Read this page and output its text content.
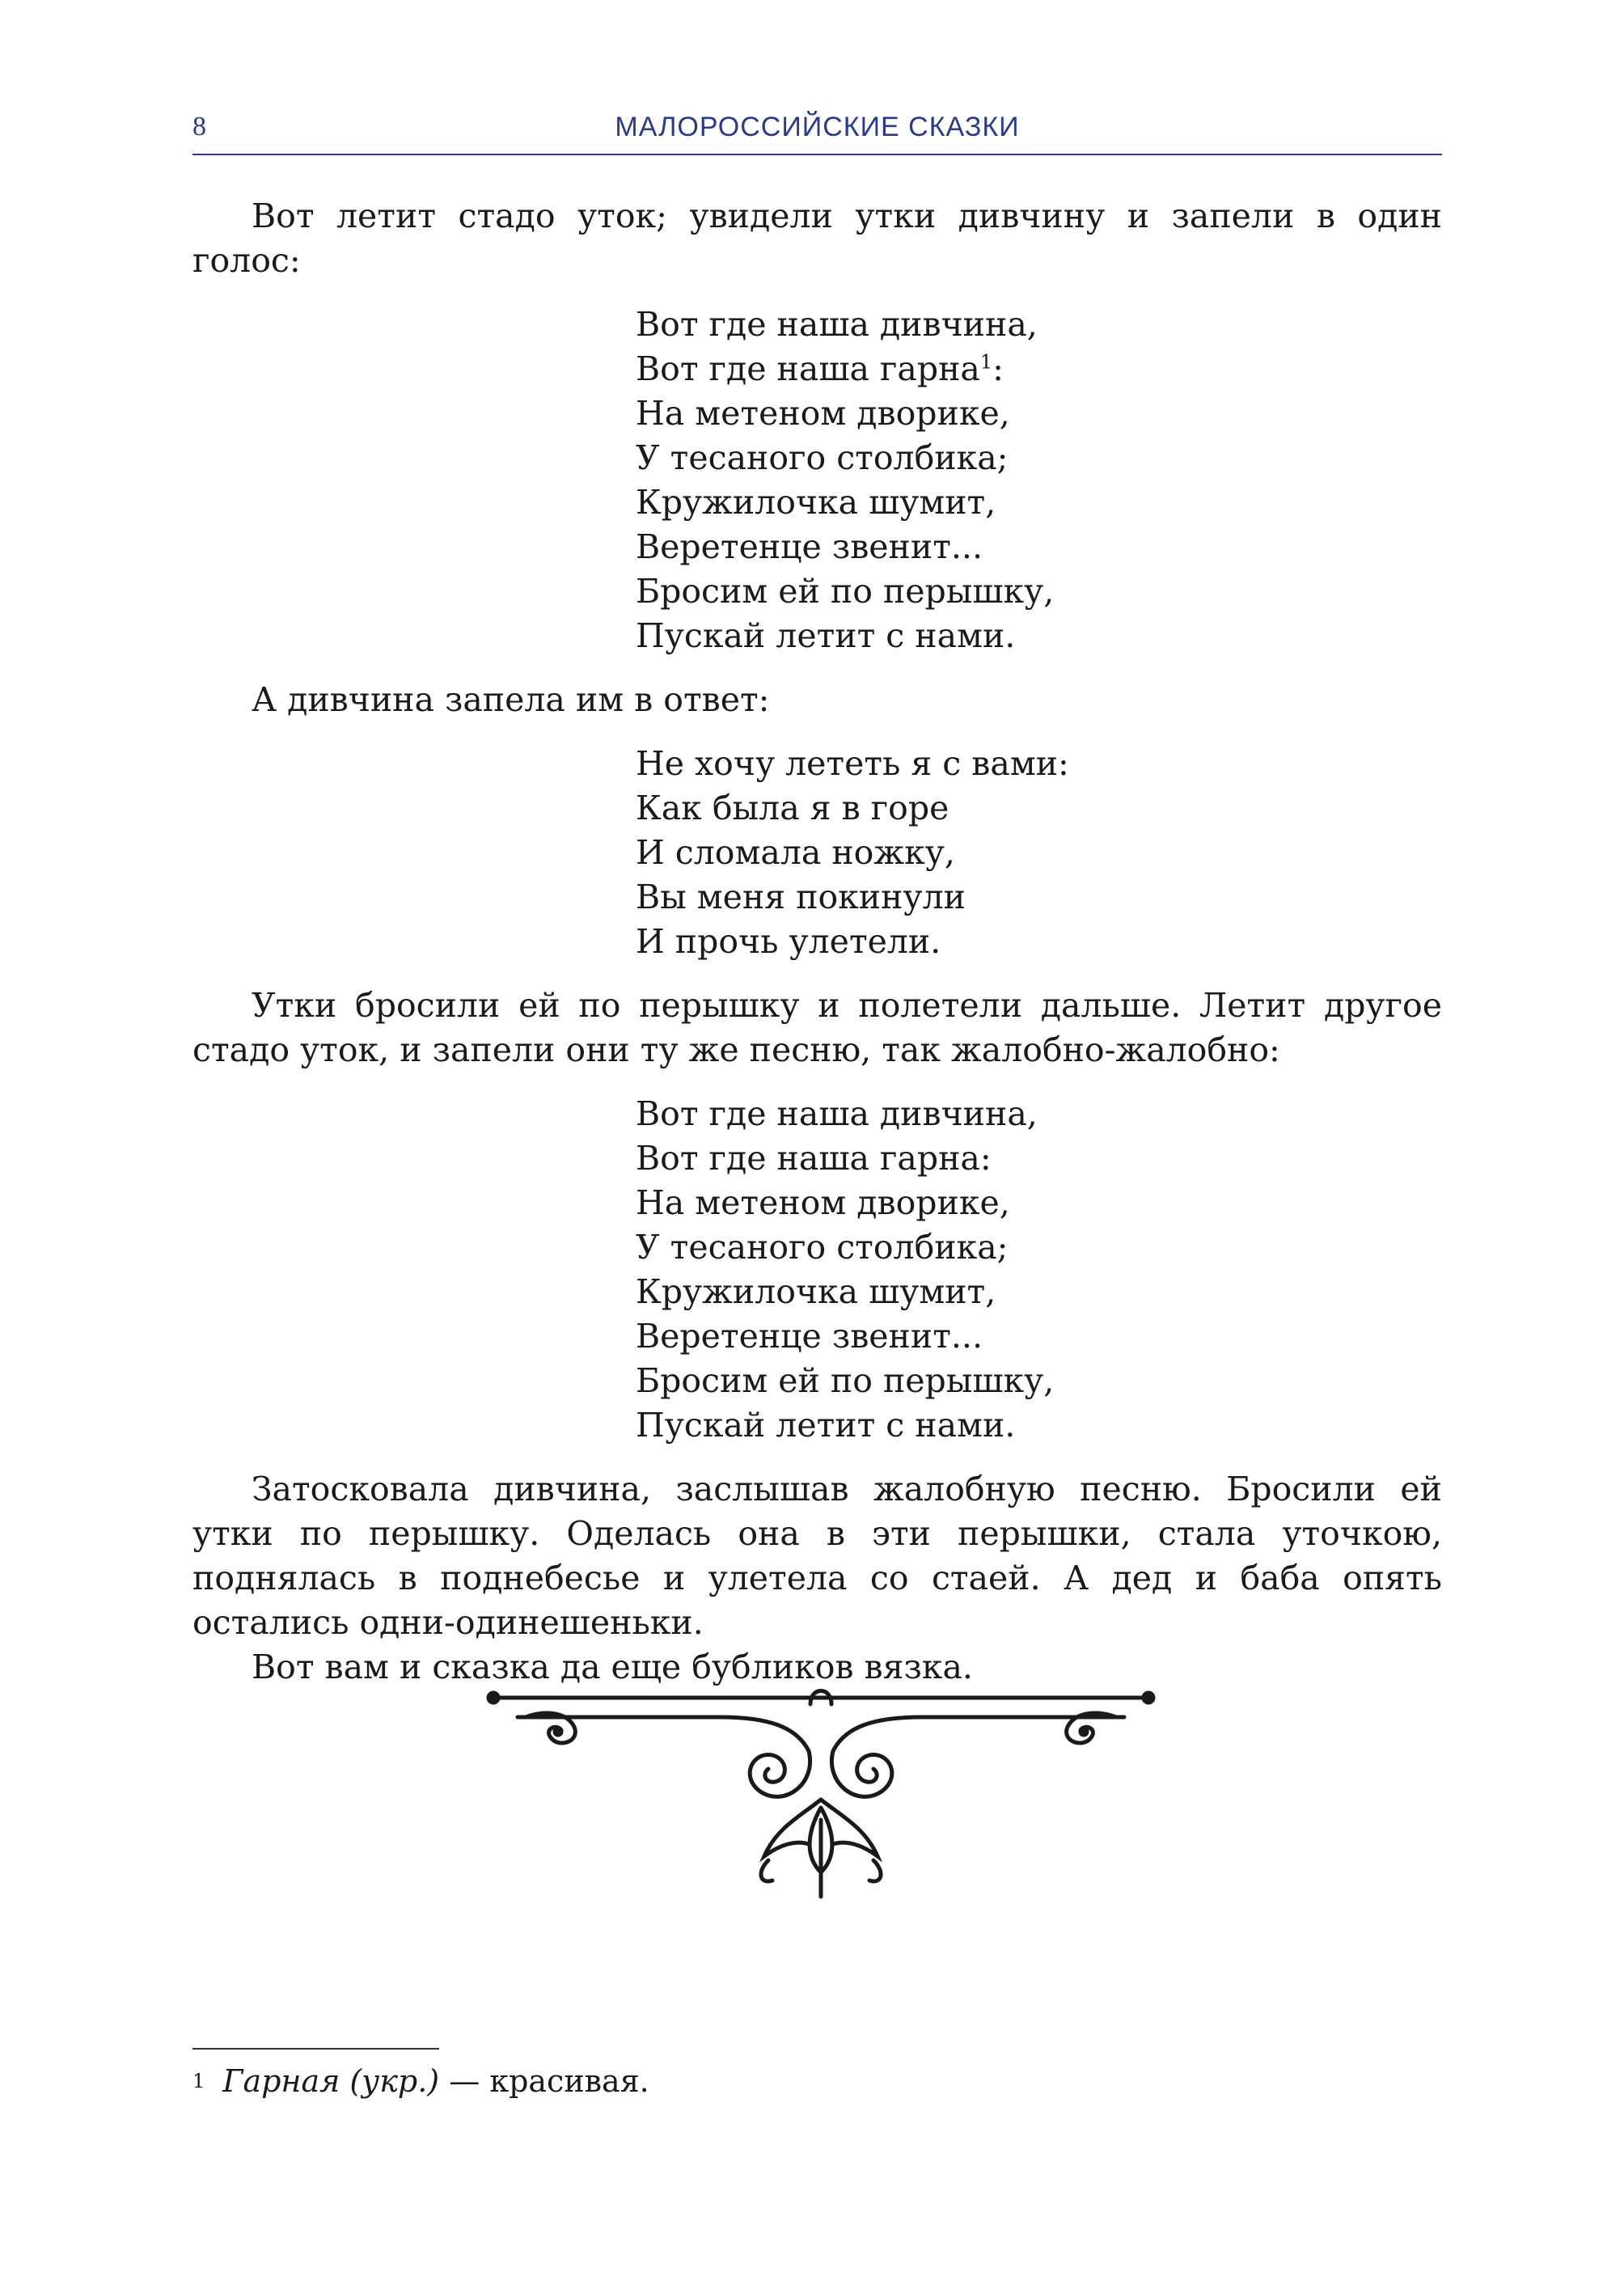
8	МАЛОРОССИЙСКИЕ СКАЗКИ

Вот летит стадо уток; увидели утки дивчину и запели в один голос:

Вот где наша дивчина,
Вот где наша гарна$^1$:
На метеном дворике,
У тесаного столбика;
Кружилочка шумит,
Веретенце звенит...
Бросим ей по перышку,
Пускай летит с нами.

А дивчина запела им в ответ:

Не хочу лететь я с вами:
Как была я в горе
И сломала ножку,
Вы меня покинули
И прочь улетели.

Утки бросили ей по перышку и полетели дальше. Летит другое стадо уток, и запели они ту же песню, так жалобно-жалобно:

Вот где наша дивчина,
Вот где наша гарна:
На метеном дворике,
У тесаного столбика;
Кружилочка шумит,
Веретенце звенит...
Бросим ей по перышку,
Пускай летит с нами.

Затосковала дивчина, заслышав жалобную песню. Бросили ей утки по перышку. Оделась она в эти перышки, стала уточкою, поднялась в поднебесье и улетела со стаей. А дед и баба опять остались одни-одинешеньки.

Вот вам и сказка да еще бубликов вязка.

$^1$ Гарная (укр.) — красивая.
